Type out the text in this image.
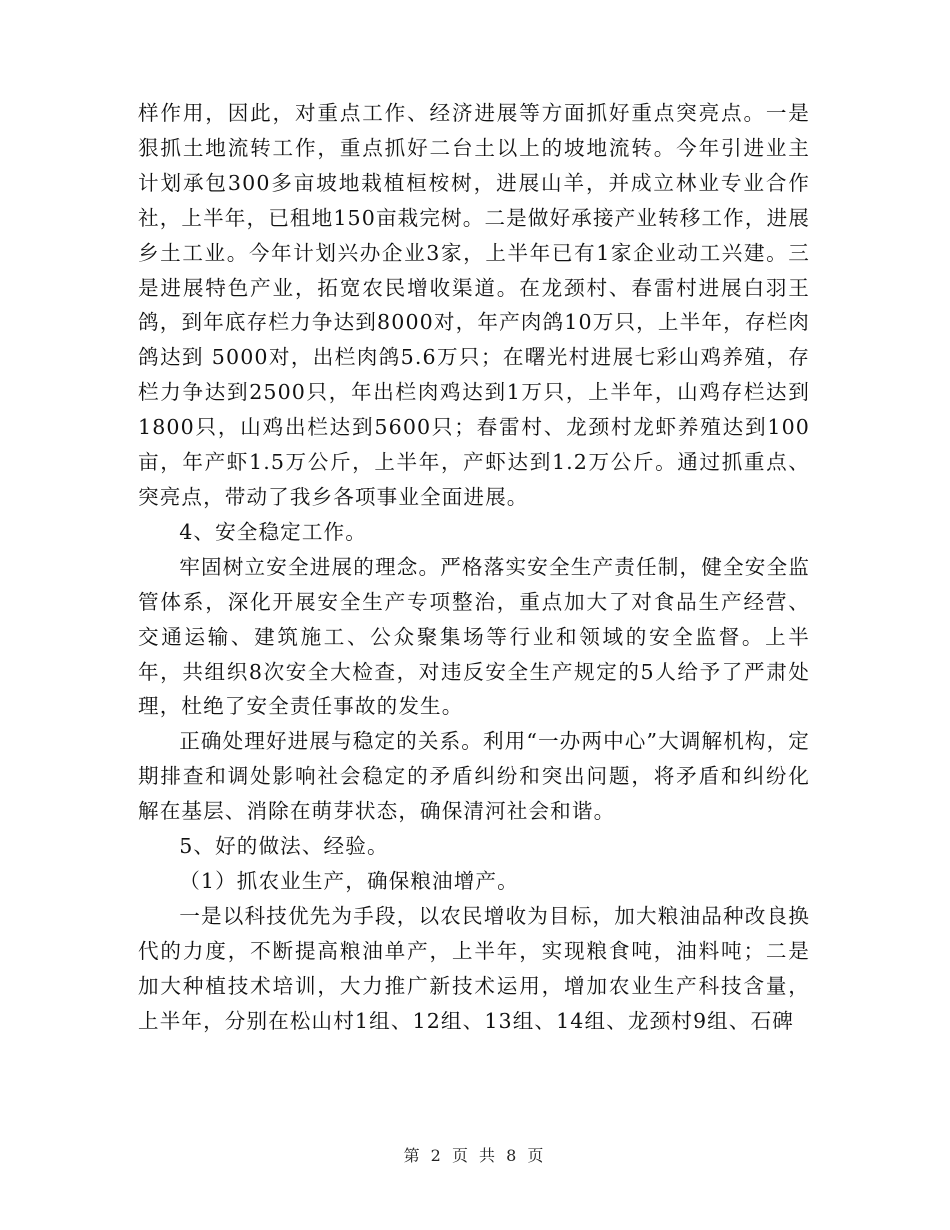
样作用，因此，对重点工作、经济进展等方面抓好重点突亮点。一是狠抓土地流转工作，重点抓好二台土以上的坡地流转。今年引进业主计划承包300多亩坡地栽植桓桉树，进展山羊，并成立林业专业合作社，上半年，已租地150亩栽完树。二是做好承接产业转移工作，进展乡土工业。今年计划兴办企业3家，上半年已有1家企业动工兴建。三是进展特色产业，拓宽农民增收渠道。在龙颈村、春雷村进展白羽王鸽，到年底存栏力争达到8000对，年产肉鸽10万只，上半年，存栏肉鸽达到 5000对，出栏肉鸽5.6万只；在曙光村进展七彩山鸡养殖，存栏力争达到2500只，年出栏肉鸡达到1万只，上半年，山鸡存栏达到1800只，山鸡出栏达到5600只；春雷村、龙颈村龙虾养殖达到100亩，年产虾1.5万公斤，上半年，产虾达到1.2万公斤。通过抓重点、突亮点，带动了我乡各项事业全面进展。

4、安全稳定工作。

牢固树立安全进展的理念。严格落实安全生产责任制，健全安全监管体系，深化开展安全生产专项整治，重点加大了对食品生产经营、交通运输、建筑施工、公众聚集场等行业和领域的安全监督。上半年，共组织8次安全大检查，对违反安全生产规定的5人给予了严肃处理，杜绝了安全责任事故的发生。

正确处理好进展与稳定的关系。利用“一办两中心”大调解机构，定期排查和调处影响社会稳定的矛盾纠纷和突出问题，将矛盾和纠纷化解在基层、消除在萌芽状态，确保清河社会和谐。

5、好的做法、经验。

（1）抓农业生产，确保粮油增产。

一是以科技优先为手段，以农民增收为目标，加大粮油品种改良换代的力度，不断提高粮油单产，上半年，实现粮食吨，油料吨；二是加大种植技术培训，大力推广新技术运用，增加农业生产科技含量，上半年，分别在松山村1组、12组、13组、14组、龙颈村9组、石碑

第 2 页 共 8 页
